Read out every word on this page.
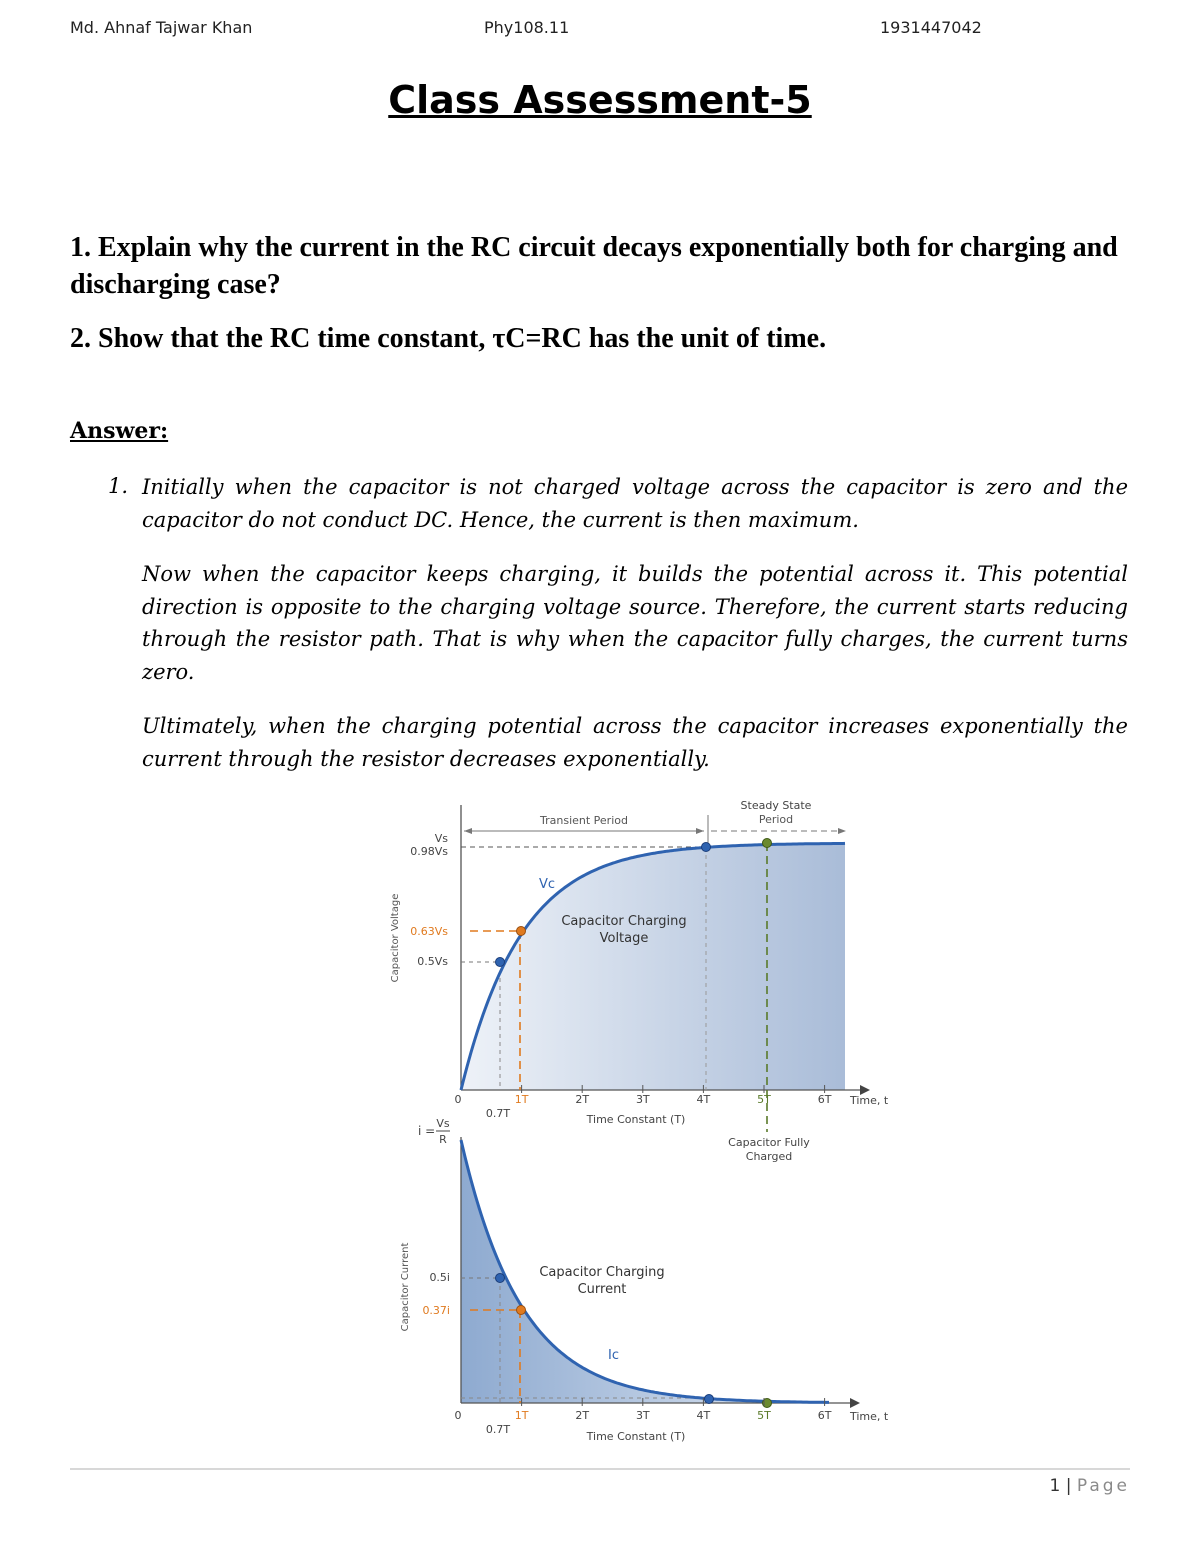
Md. Ahnaf Tajwar Khan	Phy108.11	1931447042
Class Assessment-5
1. Explain why the current in the RC circuit decays exponentially both for charging and discharging case?
2. Show that the RC time constant, τC=RC has the unit of time.
Answer:
1. Initially when the capacitor is not charged voltage across the capacitor is zero and the capacitor do not conduct DC. Hence, the current is then maximum.
Now when the capacitor keeps charging, it builds the potential across it. This potential direction is opposite to the charging voltage source. Therefore, the current starts reducing through the resistor path. That is why when the capacitor fully charges, the current turns zero.
Ultimately, when the charging potential across the capacitor increases exponentially the current through the resistor decreases exponentially.
Transient Period
Steady State
Period
Vs
0.98Vs
0.63Vs
0.5Vs
Capacitor Voltage
Vc
Capacitor Charging
Voltage
0	1T	2T	3T	4T	5T	6T Time, t
0.7T	Time Constant (T)
Capacitor Fully
Charged
i =
Vs
R
0.5i
0.37i
Capacitor Current	Capacitor Charging
Current
Ic
0	1T	2T	3T	4T	5T	6T Time, t
0.7T
Time Constant (T)
1 | Page
